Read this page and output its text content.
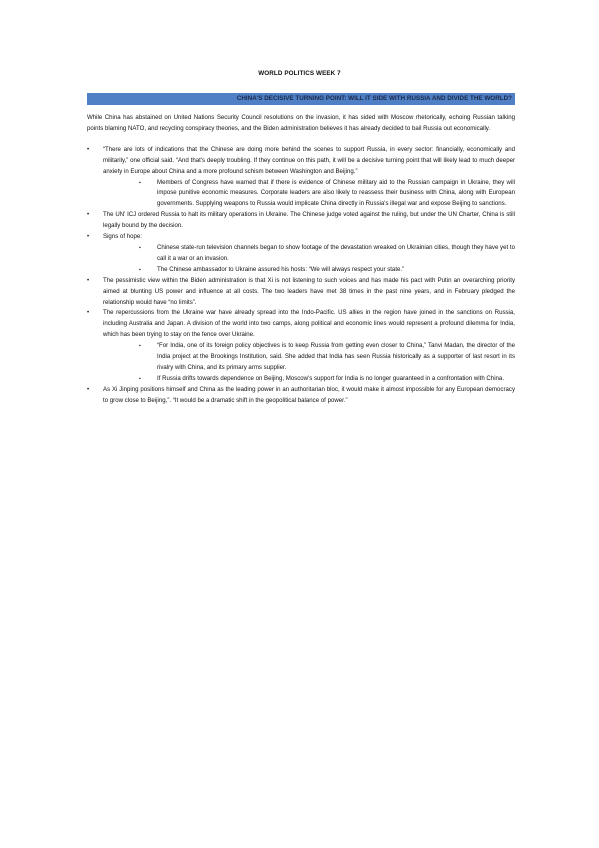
WORLD POLITICS WEEK 7
CHINA'S DECISIVE TURNING POINT: WILL IT SIDE WITH RUSSIA AND DIVIDE THE WORLD?

While China has abstained on United Nations Security Council resolutions on the invasion, it has sided with Moscow rhetorically, echoing Russian talking points blaming NATO, and recycling conspiracy theories, and the Biden administration believes it has already decided to bail Russia out economically.

• “There are lots of indications that the Chinese are doing more behind the scenes to support Russia, in every sector: financially, economically and militarily,” one official said. “And that's deeply troubling. If they continue on this path, it will be a decisive turning point that will likely lead to much deeper anxiety in Europe about China and a more profound schism between Washington and Beijing.”
▪	Members of Congress have warned that if there is evidence of Chinese military aid to the Russian campaign in Ukraine, they will impose punitive economic measures. Corporate leaders are also likely to reassess their business with China, along with European governments. Supplying weapons to Russia would implicate China directly in Russia's illegal war and expose Beijing to sanctions.
• The UN' ICJ ordered Russia to halt its military operations in Ukraine. The Chinese judge voted against the ruling, but under the UN Charter, China is still legally bound by the decision.
• Signs of hope:
▪	Chinese state-run television channels began to show footage of the devastation wreaked on Ukrainian cities, though they have yet to call it a war or an invasion.
▪	The Chinese ambassador to Ukraine assured his hosts: “We will always respect your state.”
• The pessimistic view within the Biden administration is that Xi is not listening to such voices and has made his pact with Putin an overarching priority aimed at blunting US power and influence at all costs. The two leaders have met 38 times in the past nine years, and in February pledged the relationship would have “no limits”.
• The repercussions from the Ukraine war have already spread into the Indo-Pacific. US allies in the region have joined in the sanctions on Russia, including Australia and Japan. A division of the world into two camps, along political and economic lines would represent a profound dilemma for India, which has been trying to stay on the fence over Ukraine.
▪	“For India, one of its foreign policy objectives is to keep Russia from getting even closer to China,” Tanvi Madan, the director of the India project at the Brookings Institution, said. She added that India has seen Russia historically as a supporter of last resort in its rivalry with China, and its primary arms supplier.
▪	If Russia drifts towards dependence on Beijing, Moscow's support for India is no longer guaranteed in a confrontation with China.
• As Xi Jinping positions himself and China as the leading power in an authoritarian bloc, it would make it almost impossible for any European democracy to grow close to Beijing,”. “It would be a dramatic shift in the geopolitical balance of power.”
